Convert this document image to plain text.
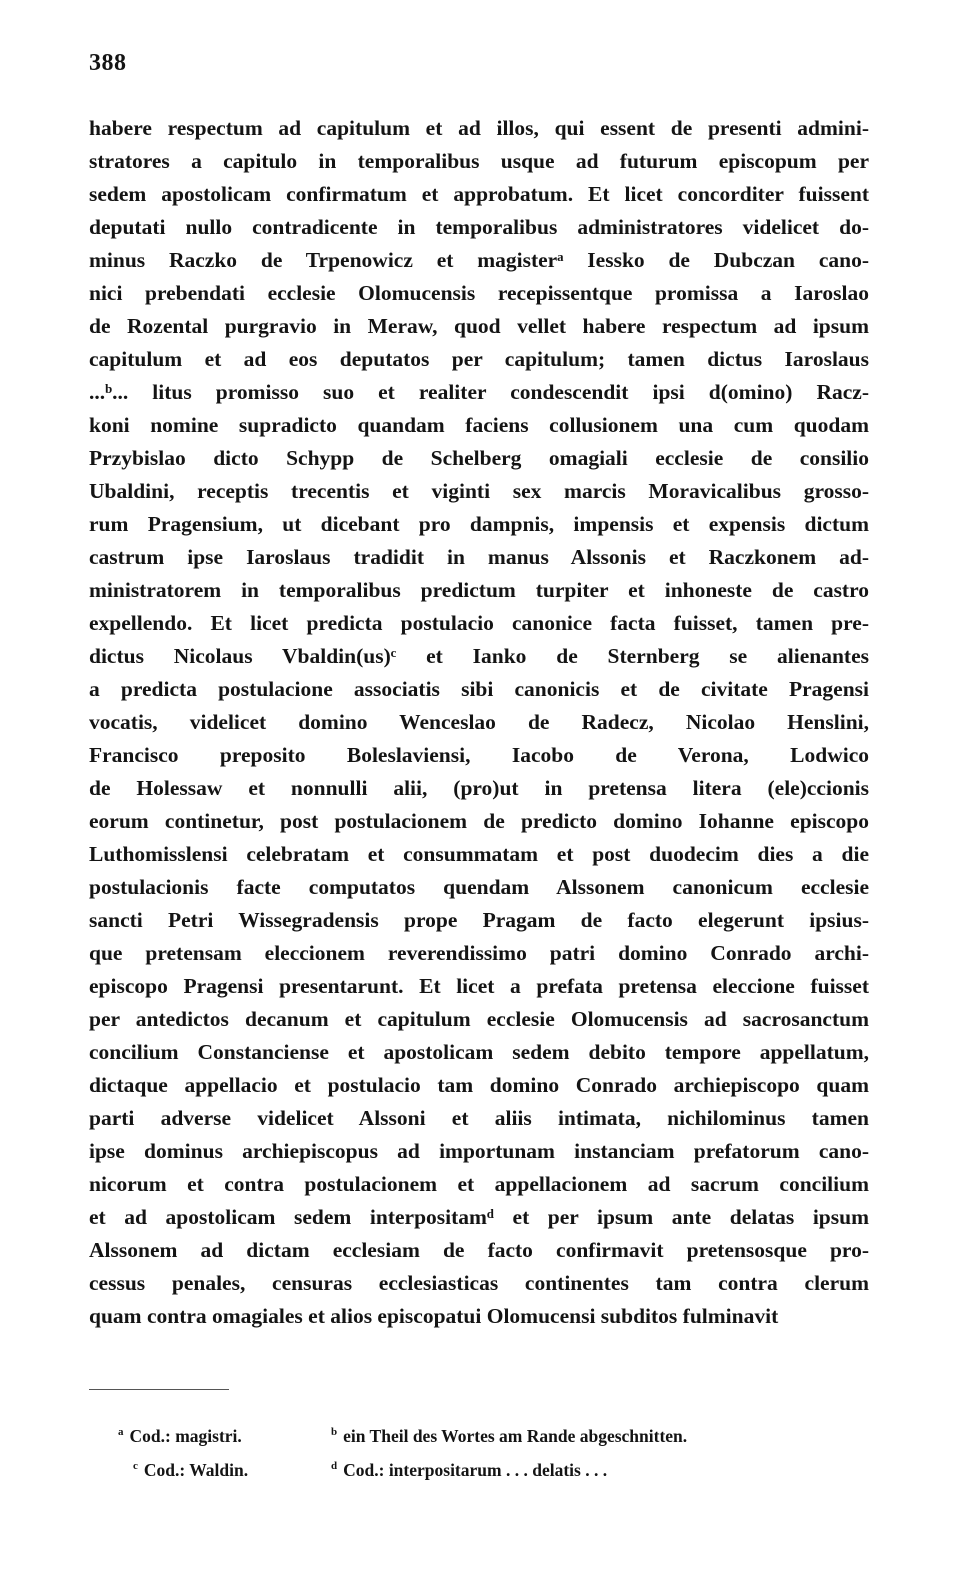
388
habere respectum ad capitulum et ad illos, qui essent de presenti admini-
stratores a capitulo in temporalibus usque ad futurum episcopum per
sedem apostolicam confirmatum et approbatum. Et licet concorditer fuissent
deputati nullo contradicente in temporalibus administratores videlicet do-
minus Raczko de Trpenowicz et magisterᵃ Iessko de Dubczan cano-
nici prebendati ecclesie Olomucensis recepissentque promissa a Iaroslao
de Rozental purgravio in Meraw, quod vellet habere respectum ad ipsum
capitulum et ad eos deputatos per capitulum; tamen dictus Iaroslaus
...ᵇ... litus promisso suo et realiter condescendit ipsi d(omino) Racz-
koni nomine supradicto quandam faciens collusionem una cum quodam
Przybislao dicto Schypp de Schelberg omagiali ecclesie de consilio
Ubaldini, receptis trecentis et viginti sex marcis Moravicalibus grosso-
rum Pragensium, ut dicebant pro dampnis, impensis et expensis dictum
castrum ipse Iaroslaus tradidit in manus Alssonis et Raczkonem ad-
ministratorem in temporalibus predictum turpiter et inhoneste de castro
expellendo. Et licet predicta postulacio canonice facta fuisset, tamen pre-
dictus Nicolaus Vbaldin(us)ᶜ et Ianko de Sternberg se alienantes
a predicta postulacione associatis sibi canonicis et de civitate Pragensi
vocatis, videlicet domino Wenceslao de Radecz, Nicolao Henslini,
Francisco preposito Boleslaviensi, Iacobo de Verona, Lodwico
de Holessaw et nonnulli alii, (pro)ut in pretensa litera (ele)ccionis
eorum continetur, post postulacionem de predicto domino Iohanne episcopo
Luthomisslensi celebratam et consummatam et post duodecim dies a die
postulacionis facte computatos quendam Alssonem canonicum ecclesie
sancti Petri Wissegradensis prope Pragam de facto elegerunt ipsius-
que pretensam eleccionem reverendissimo patri domino Conrado archi-
episcopo Pragensi presentarunt. Et licet a prefata pretensa eleccione fuisset
per antedictos decanum et capitulum ecclesie Olomucensis ad sacrosanctum
concilium Constanciense et apostolicam sedem debito tempore appellatum,
dictaque appellacio et postulacio tam domino Conrado archiepiscopo quam
parti adverse videlicet Alssoni et aliis intimata, nichilominus tamen
ipse dominus archiepiscopus ad importunam instanciam prefatorum cano-
nicorum et contra postulacionem et appellacionem ad sacrum concilium
et ad apostolicam sedem interpositamᵈ et per ipsum ante delatas ipsum
Alssonem ad dictam ecclesiam de facto confirmavit pretensosque pro-
cessus penales, censuras ecclesiasticas continentes tam contra clerum
quam contra omagiales et alios episcopatui Olomucensi subditos fulminavit
$^a$ Cod.: magistri.	$^b$ ein Theil des Wortes am Rande abgeschnitten.
$^c$ Cod.: Waldin.	$^d$ Cod.: interpositarum . . . delatis . . .
